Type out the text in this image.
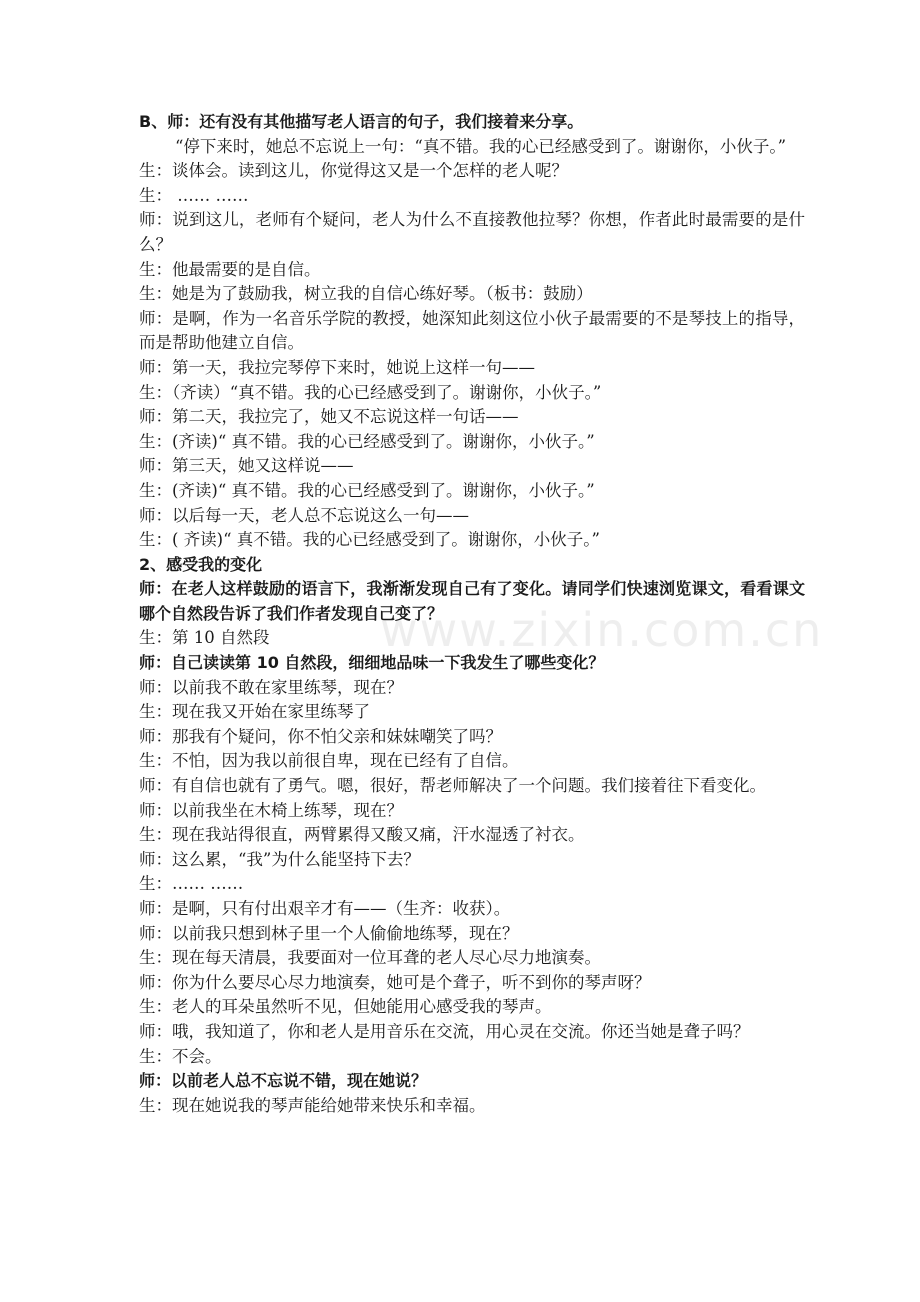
www.zixin.com.cn
B、师：还有没有其他描写老人语言的句子，我们接着来分享。
“停下来时，她总不忘说上一句：“真不错。我的心已经感受到了。谢谢你，小伙子。”
生：谈体会。读到这儿，你觉得这又是一个怎样的老人呢？
生： …… ……
师：说到这儿，老师有个疑问，老人为什么不直接教他拉琴？你想，作者此时最需要的是什么？
生：他最需要的是自信。
生：她是为了鼓励我，树立我的自信心练好琴。（板书：鼓励）
师：是啊，作为一名音乐学院的教授，她深知此刻这位小伙子最需要的不是琴技上的指导，而是帮助他建立自信。
师：第一天，我拉完琴停下来时，她说上这样一句——
生：（齐读）“真不错。我的心已经感受到了。谢谢你，小伙子。”
师：第二天，我拉完了，她又不忘说这样一句话——
生：(齐读)“ 真不错。我的心已经感受到了。谢谢你，小伙子。”
师：第三天，她又这样说——
生：(齐读)“ 真不错。我的心已经感受到了。谢谢你，小伙子。”
师：以后每一天，老人总不忘说这么一句——
生：( 齐读)“ 真不错。我的心已经感受到了。谢谢你，小伙子。”
2、感受我的变化
师：在老人这样鼓励的语言下，我渐渐发现自己有了变化。请同学们快速浏览课文，看看课文哪个自然段告诉了我们作者发现自己变了？
生：第 10 自然段
师：自己读读第 10 自然段，细细地品味一下我发生了哪些变化？
师：以前我不敢在家里练琴，现在？
生：现在我又开始在家里练琴了
师：那我有个疑问，你不怕父亲和妹妹嘲笑了吗？
生：不怕，因为我以前很自卑，现在已经有了自信。
师：有自信也就有了勇气。嗯，很好，帮老师解决了一个问题。我们接着往下看变化。
师：以前我坐在木椅上练琴，现在？
生：现在我站得很直，两臂累得又酸又痛，汗水湿透了衬衣。
师：这么累，“我”为什么能坚持下去？
生：…… ……
师：是啊，只有付出艰辛才有——（生齐：收获）。
师：以前我只想到林子里一个人偷偷地练琴，现在？
生：现在每天清晨，我要面对一位耳聋的老人尽心尽力地演奏。
师：你为什么要尽心尽力地演奏，她可是个聋子，听不到你的琴声呀？
生：老人的耳朵虽然听不见，但她能用心感受我的琴声。
师：哦，我知道了，你和老人是用音乐在交流，用心灵在交流。你还当她是聋子吗？
生：不会。
师：以前老人总不忘说不错，现在她说？
生：现在她说我的琴声能给她带来快乐和幸福。
